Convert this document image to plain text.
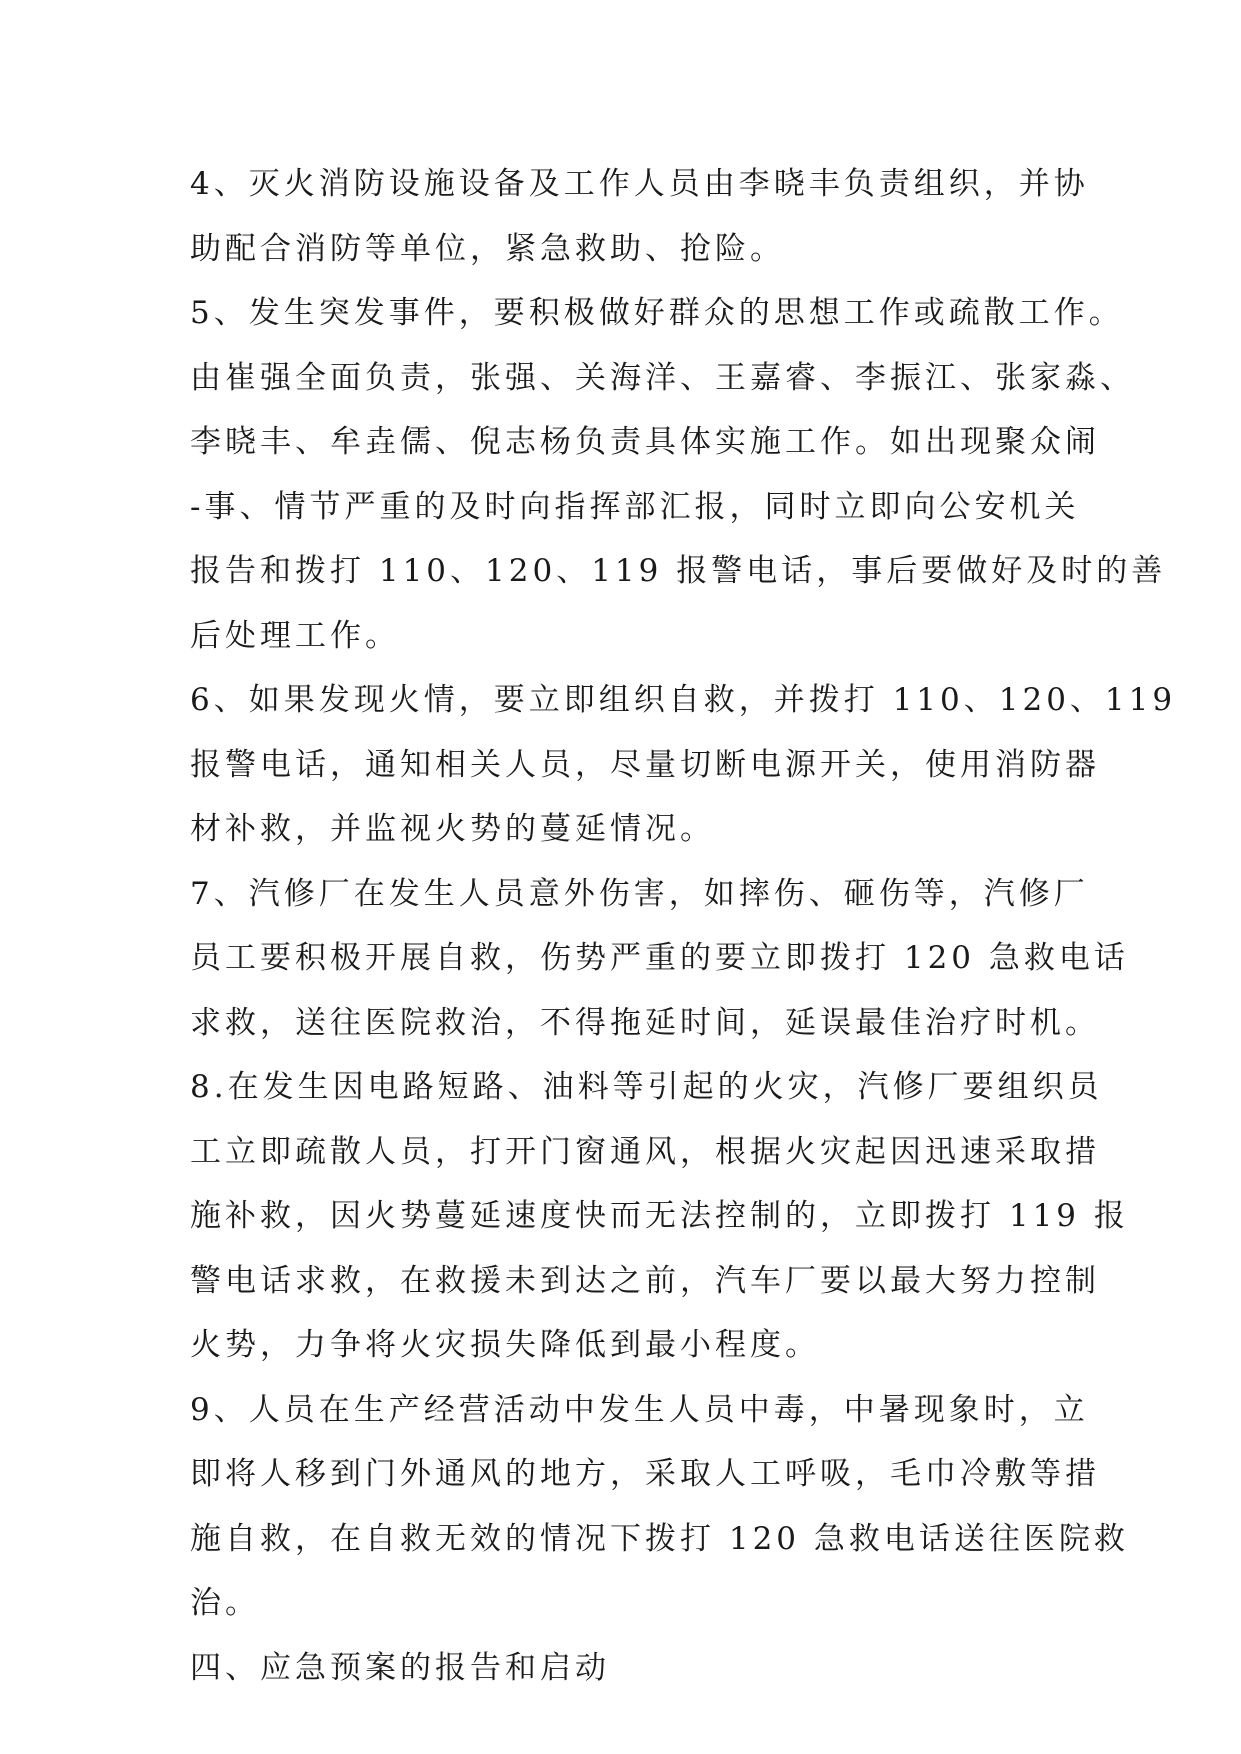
4、灭火消防设施设备及工作人员由李晓丰负责组织，并协
助配合消防等单位，紧急救助、抢险。
5、发生突发事件，要积极做好群众的思想工作或疏散工作。
由崔强全面负责，张强、关海洋、王嘉睿、李振江、张家淼、
李晓丰、牟垚儒、倪志杨负责具体实施工作。如出现聚众闹
-事、情节严重的及时向指挥部汇报，同时立即向公安机关
报告和拨打 110、120、119 报警电话，事后要做好及时的善
后处理工作。
6、如果发现火情，要立即组织自救，并拨打 110、120、119
报警电话，通知相关人员，尽量切断电源开关，使用消防器
材补救，并监视火势的蔓延情况。
7、汽修厂在发生人员意外伤害，如摔伤、砸伤等，汽修厂
员工要积极开展自救，伤势严重的要立即拨打 120 急救电话
求救，送往医院救治，不得拖延时间，延误最佳治疗时机。
8.在发生因电路短路、油料等引起的火灾，汽修厂要组织员
工立即疏散人员，打开门窗通风，根据火灾起因迅速采取措
施补救，因火势蔓延速度快而无法控制的，立即拨打 119 报
警电话求救，在救援未到达之前，汽车厂要以最大努力控制
火势，力争将火灾损失降低到最小程度。
9、人员在生产经营活动中发生人员中毒，中暑现象时，立
即将人移到门外通风的地方，采取人工呼吸，毛巾冷敷等措
施自救，在自救无效的情况下拨打 120 急救电话送往医院救
治。
四、应急预案的报告和启动
